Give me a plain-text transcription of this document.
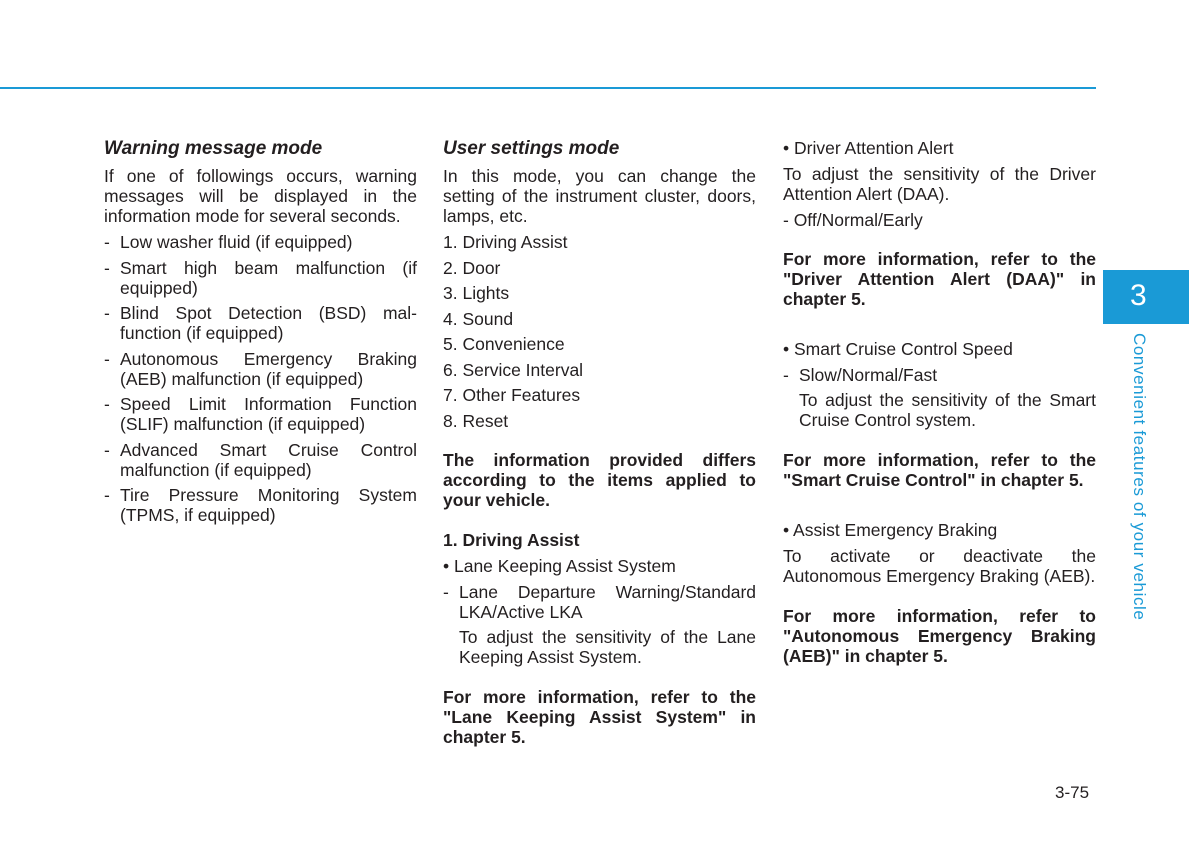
Warning message mode
If one of followings occurs, warning messages will be displayed in the information mode for several seconds.
- Low washer fluid (if equipped)
- Smart high beam malfunction (if equipped)
- Blind Spot Detection (BSD) mal-function (if equipped)
- Autonomous Emergency Braking (AEB) malfunction (if equipped)
- Speed Limit Information Function (SLIF) malfunction (if equipped)
- Advanced Smart Cruise Control malfunction (if equipped)
- Tire Pressure Monitoring System (TPMS, if equipped)
User settings mode
In this mode, you can change the setting of the instrument cluster, doors, lamps, etc.
1. Driving Assist
2. Door
3. Lights
4. Sound
5. Convenience
6. Service Interval
7. Other Features
8. Reset
The information provided differs according to the items applied to your vehicle.
1. Driving Assist
• Lane Keeping Assist System
- Lane Departure Warning/Standard LKA/Active LKA
To adjust the sensitivity of the Lane Keeping Assist System.
For more information, refer to the "Lane Keeping Assist System" in chapter 5.
• Driver Attention Alert
To adjust the sensitivity of the Driver Attention Alert (DAA).
- Off/Normal/Early
For more information, refer to the "Driver Attention Alert (DAA)" in chapter 5.
• Smart Cruise Control Speed
- Slow/Normal/Fast
To adjust the sensitivity of the Smart Cruise Control system.
For more information, refer to the "Smart Cruise Control" in chapter 5.
• Assist Emergency Braking
To activate or deactivate the Autonomous Emergency Braking (AEB).
For more information, refer to "Autonomous Emergency Braking (AEB)" in chapter 5.
3
Convenient features of your vehicle
3-75
